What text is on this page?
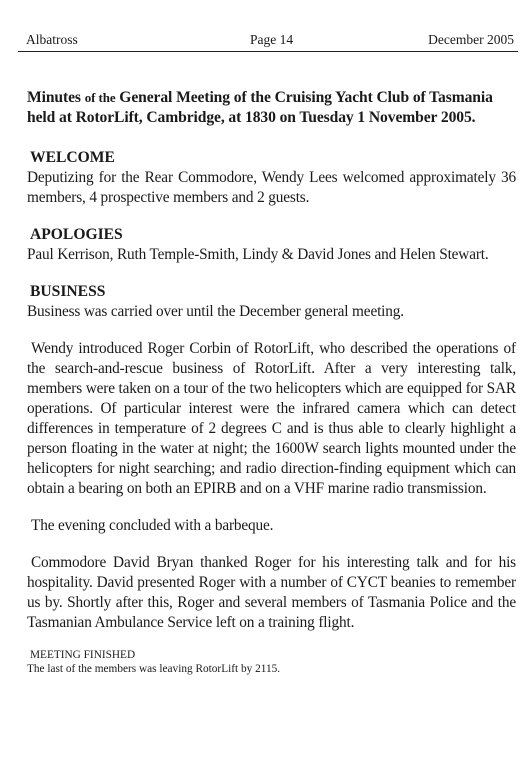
Albatross	Page 14	December 2005

Minutes of the General Meeting of the Cruising Yacht Club of Tasmania held at RotorLift, Cambridge, at 1830 on Tuesday 1 November 2005.

WELCOME

Deputizing for the Rear Commodore, Wendy Lees welcomed approximately 36 members, 4 prospective members and 2 guests.

APOLOGIES

Paul Kerrison, Ruth Temple-Smith, Lindy & David Jones and Helen Stewart.

BUSINESS

Business was carried over until the December general meeting.

Wendy introduced Roger Corbin of RotorLift, who described the operations of the search-and-rescue business of RotorLift. After a very interesting talk, members were taken on a tour of the two helicopters which are equipped for SAR operations. Of particular interest were the infrared camera which can detect differences in temperature of 2 degrees C and is thus able to clearly highlight a person floating in the water at night; the 1600W search lights mounted under the helicopters for night searching; and radio direction-finding equipment which can obtain a bearing on both an EPIRB and on a VHF marine radio transmission.

The evening concluded with a barbeque.

Commodore David Bryan thanked Roger for his interesting talk and for his hospitality. David presented Roger with a number of CYCT beanies to remember us by. Shortly after this, Roger and several members of Tasmania Police and the Tasmanian Ambulance Service left on a training flight.

MEETING FINISHED

The last of the members was leaving RotorLift by 2115.
